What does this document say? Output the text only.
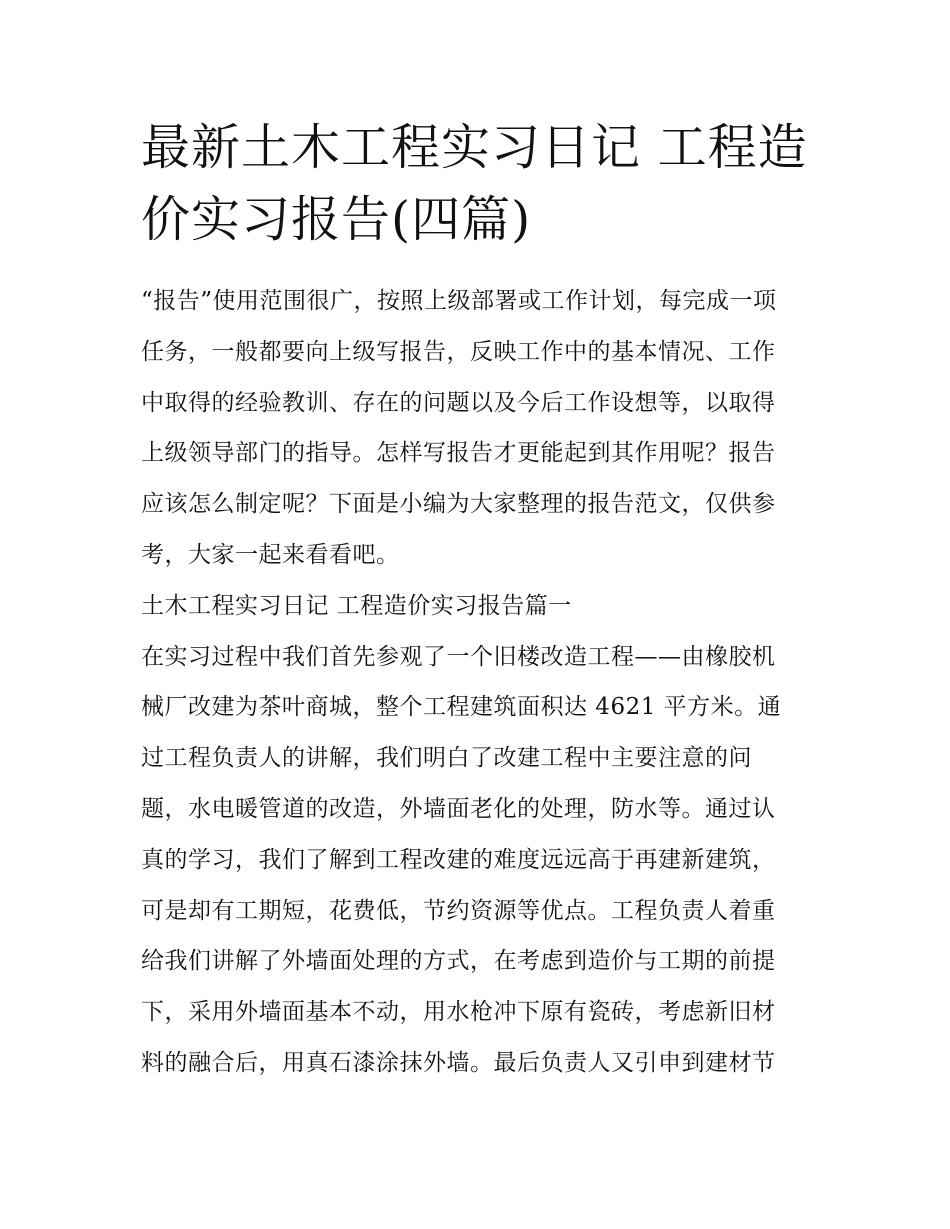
最新土木工程实习日记 工程造
价实习报告(四篇)
“报告”使用范围很广，按照上级部署或工作计划，每完成一项
任务，一般都要向上级写报告，反映工作中的基本情况、工作
中取得的经验教训、存在的问题以及今后工作设想等，以取得
上级领导部门的指导。怎样写报告才更能起到其作用呢？报告
应该怎么制定呢？下面是小编为大家整理的报告范文，仅供参
考，大家一起来看看吧。
土木工程实习日记 工程造价实习报告篇一
在实习过程中我们首先参观了一个旧楼改造工程——由橡胶机
械厂改建为茶叶商城，整个工程建筑面积达 4621 平方米。通
过工程负责人的讲解，我们明白了改建工程中主要注意的问
题，水电暖管道的改造，外墙面老化的处理，防水等。通过认
真的学习，我们了解到工程改建的难度远远高于再建新建筑，
可是却有工期短，花费低，节约资源等优点。工程负责人着重
给我们讲解了外墙面处理的方式，在考虑到造价与工期的前提
下，采用外墙面基本不动，用水枪冲下原有瓷砖，考虑新旧材
料的融合后，用真石漆涂抹外墙。最后负责人又引申到建材节
